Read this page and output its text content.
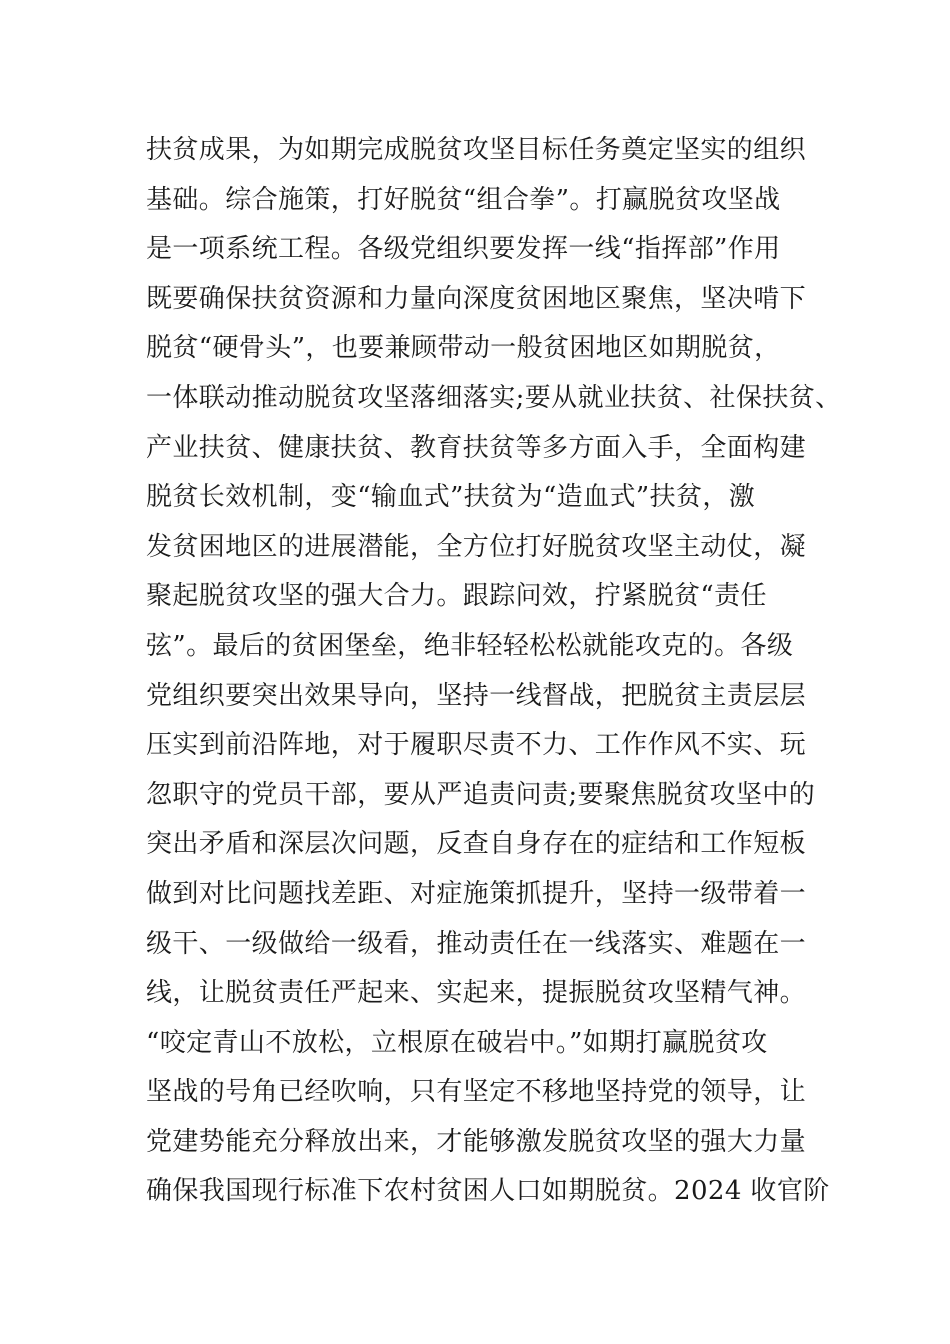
扶贫成果，为如期完成脱贫攻坚目标任务奠定坚实的组织
基础。综合施策，打好脱贫“组合拳”。打赢脱贫攻坚战
是一项系统工程。各级党组织要发挥一线“指挥部”作用
既要确保扶贫资源和力量向深度贫困地区聚焦，坚决啃下
脱贫“硬骨头”，也要兼顾带动一般贫困地区如期脱贫，
一体联动推动脱贫攻坚落细落实;要从就业扶贫、社保扶贫、
产业扶贫、健康扶贫、教育扶贫等多方面入手，全面构建
脱贫长效机制，变“输血式”扶贫为“造血式”扶贫，激
发贫困地区的进展潜能，全方位打好脱贫攻坚主动仗，凝
聚起脱贫攻坚的强大合力。跟踪问效，拧紧脱贫“责任
弦”。最后的贫困堡垒，绝非轻轻松松就能攻克的。各级
党组织要突出效果导向，坚持一线督战，把脱贫主责层层
压实到前沿阵地，对于履职尽责不力、工作作风不实、玩
忽职守的党员干部，要从严追责问责;要聚焦脱贫攻坚中的
突出矛盾和深层次问题，反查自身存在的症结和工作短板
做到对比问题找差距、对症施策抓提升，坚持一级带着一
级干、一级做给一级看，推动责任在一线落实、难题在一
线，让脱贫责任严起来、实起来，提振脱贫攻坚精气神。
“咬定青山不放松，立根原在破岩中。”如期打赢脱贫攻
坚战的号角已经吹响，只有坚定不移地坚持党的领导，让
党建势能充分释放出来，才能够激发脱贫攻坚的强大力量
确保我国现行标准下农村贫困人口如期脱贫。2024 收官阶
